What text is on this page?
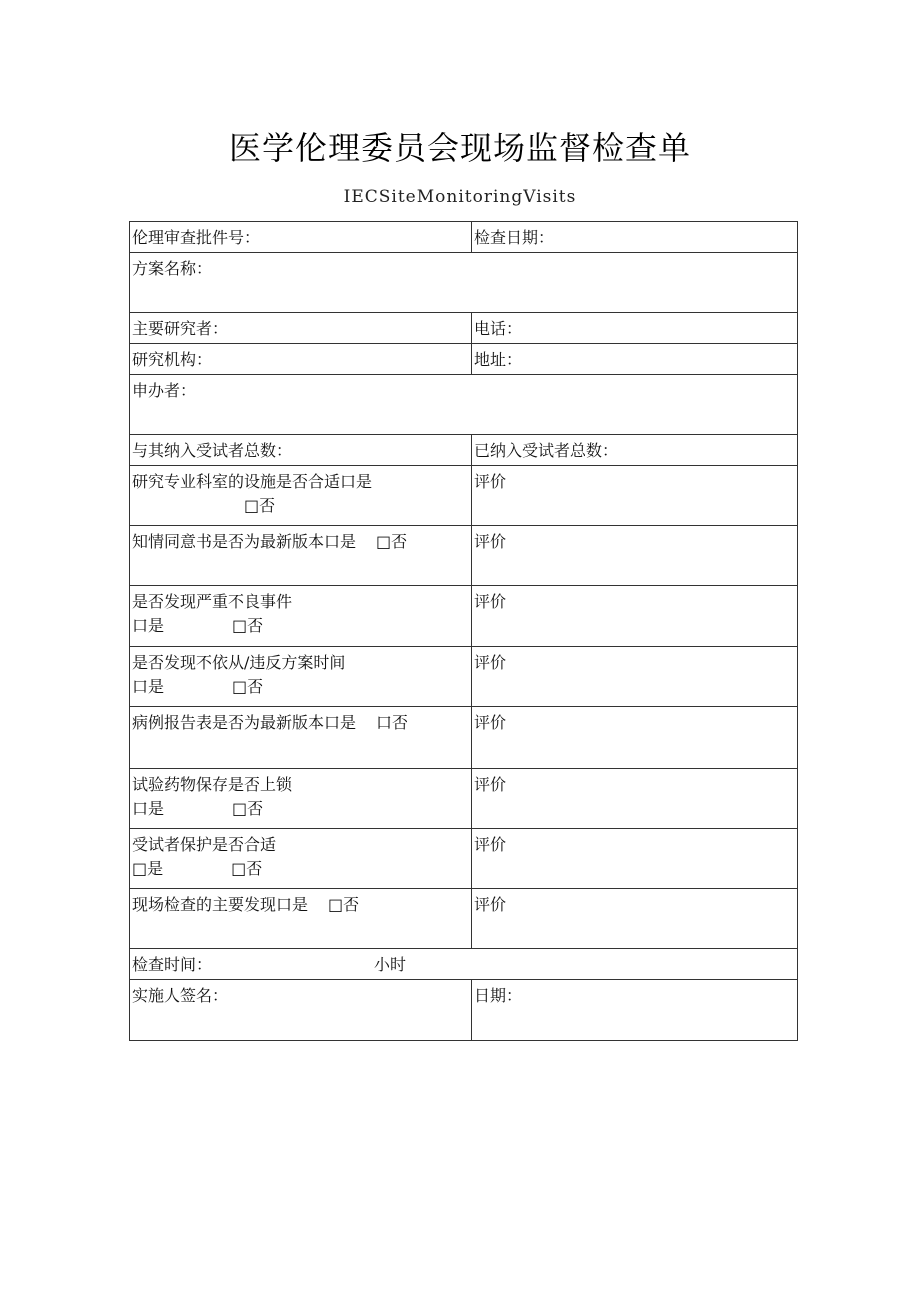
医学伦理委员会现场监督检查单
IECSiteMonitoringVisits
伦理审查批件号：	检查日期：
方案名称：	
主要研究者：	电话：
研究机构：	地址：
申办者：	
与其纳入受试者总数：	已纳入受试者总数：

研究专业科室的设施是否合适口是
□否	评价
知情同意书是否为最新版本口是 □否	评价

是否发现严重不良事件
口是 □否	评价

是否发现不依从/违反方案时间
口是 □否	评价
病例报告表是否为最新版本口是 口否	评价

试验药物保存是否上锁
口是 □否	评价

受试者保护是否合适
□是 □否	评价
现场检查的主要发现口是 □否	评价
检查时间： 小时	
实施人签名：	日期：
